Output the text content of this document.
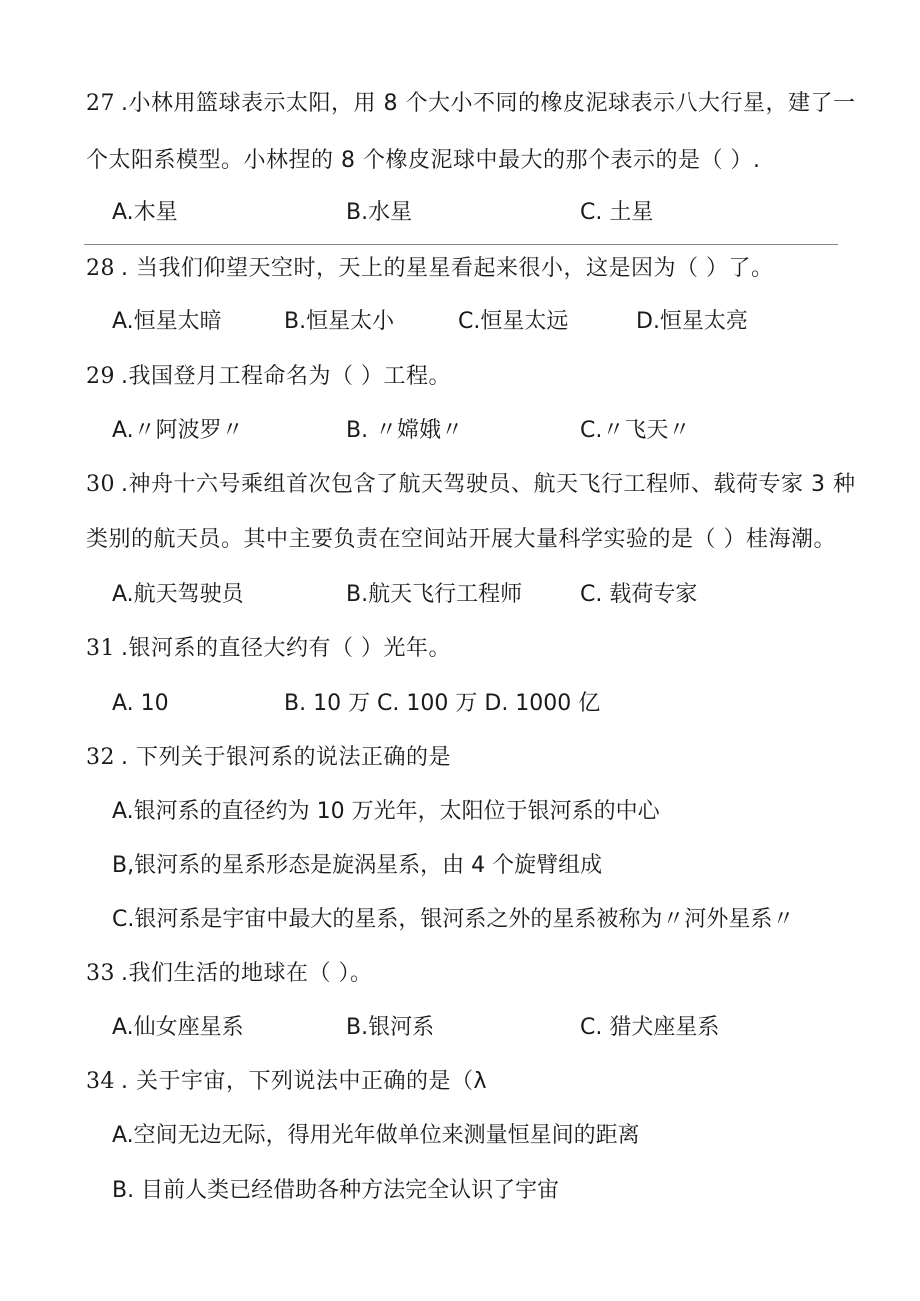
27 .小林用篮球表示太阳，用 8 个大小不同的橡皮泥球表示八大行星，建了一
个太阳系模型。小林捏的 8 个橡皮泥球中最大的那个表示的是（ ）.
A.木星	B.水星	C. 土星
28 . 当我们仰望天空时，天上的星星看起来很小，这是因为（ ）了。
A.恒星太暗	B.恒星太小	C.恒星太远	D.恒星太亮
29 .我国登月工程命名为（ ）工程。
A.〃阿波罗〃	B. 〃嫦娥〃	C.〃飞天〃
30 .神舟十六号乘组首次包含了航天驾驶员、航天飞行工程师、载荷专家 3 种
类别的航天员。其中主要负责在空间站开展大量科学实验的是（ ）桂海潮。
A.航天驾驶员	B.航天飞行工程师	C. 载荷专家
31 .银河系的直径大约有（ ）光年。
A. 10	B. 10 万 C. 100 万 D. 1000 亿
32 . 下列关于银河系的说法正确的是
A.银河系的直径约为 10 万光年，太阳位于银河系的中心
B,银河系的星系形态是旋涡星系，由 4 个旋臂组成
C.银河系是宇宙中最大的星系，银河系之外的星系被称为〃河外星系〃
33 .我们生活的地球在（ ）。
A.仙女座星系	B.银河系	C. 猎犬座星系
34 . 关于宇宙，下列说法中正确的是（λ
A.空间无边无际，得用光年做单位来测量恒星间的距离
B. 目前人类已经借助各种方法完全认识了宇宙
